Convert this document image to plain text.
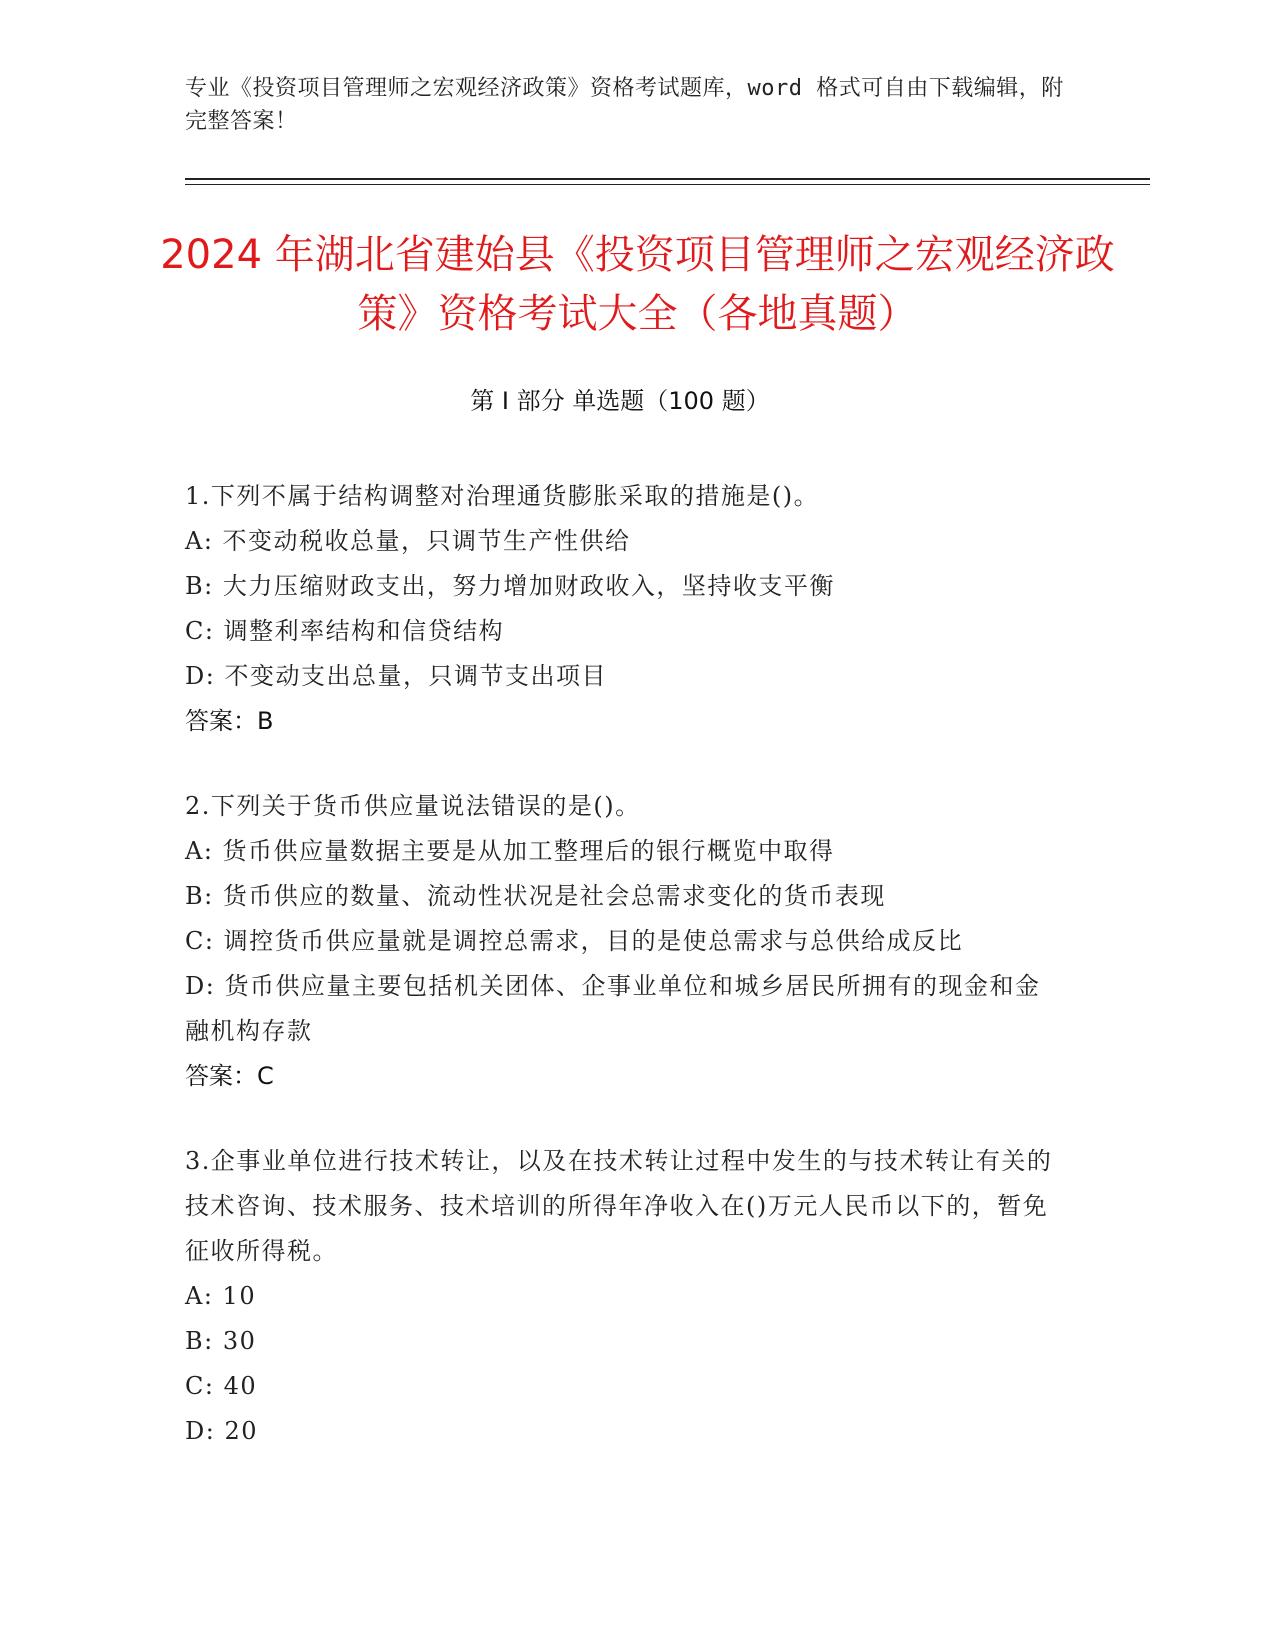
专业《投资项目管理师之宏观经济政策》资格考试题库，word 格式可自由下载编辑，附完整答案！
2024 年湖北省建始县《投资项目管理师之宏观经济政策》资格考试大全（各地真题）
第 I 部分 单选题（100 题）
1.下列不属于结构调整对治理通货膨胀采取的措施是()。
A: 不变动税收总量，只调节生产性供给
B: 大力压缩财政支出，努力增加财政收入，坚持收支平衡
C: 调整利率结构和信贷结构
D: 不变动支出总量，只调节支出项目
答案：B
2.下列关于货币供应量说法错误的是()。
A: 货币供应量数据主要是从加工整理后的银行概览中取得
B: 货币供应的数量、流动性状况是社会总需求变化的货币表现
C: 调控货币供应量就是调控总需求，目的是使总需求与总供给成反比
D: 货币供应量主要包括机关团体、企事业单位和城乡居民所拥有的现金和金融机构存款
答案：C
3.企事业单位进行技术转让，以及在技术转让过程中发生的与技术转让有关的技术咨询、技术服务、技术培训的所得年净收入在()万元人民币以下的，暂免征收所得税。
A: 10
B: 30
C: 40
D: 20
